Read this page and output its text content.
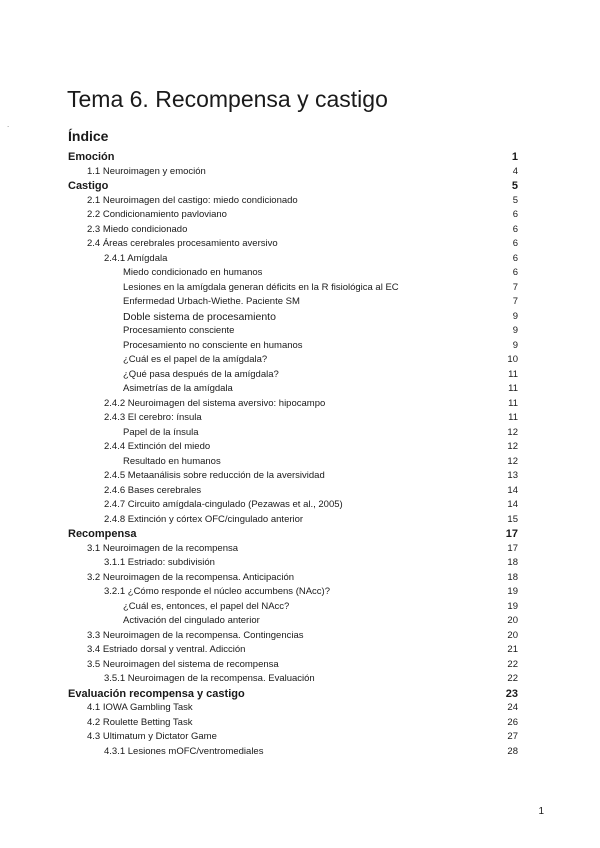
Tema 6. Recompensa y castigo
.
Índice
Emoción	1
1.1 Neuroimagen y emoción	4
Castigo	5
2.1 Neuroimagen del castigo: miedo condicionado	5
2.2 Condicionamiento pavloviano	6
2.3 Miedo condicionado	6
2.4 Áreas cerebrales procesamiento aversivo	6
2.4.1 Amígdala	6
Miedo condicionado en humanos	6
Lesiones en la amígdala generan déficits en la R fisiológica al EC	7
Enfermedad Urbach-Wiethe. Paciente SM	7
Doble sistema de procesamiento	9
Procesamiento consciente	9
Procesamiento no consciente en humanos	9
¿Cuál es el papel de la amígdala?	10
¿Qué pasa después de la amígdala?	11
Asimetrías de la amígdala	11
2.4.2 Neuroimagen del sistema aversivo: hipocampo	11
2.4.3 El cerebro: ínsula	11
Papel de la ínsula	12
2.4.4 Extinción del miedo	12
Resultado en humanos	12
2.4.5 Metaanálisis sobre reducción de la aversividad	13
2.4.6 Bases cerebrales	14
2.4.7 Circuito amígdala-cingulado (Pezawas et al., 2005)	14
2.4.8 Extinción y córtex OFC/cingulado anterior	15
Recompensa	17
3.1 Neuroimagen de la recompensa	17
3.1.1 Estriado: subdivisión	18
3.2 Neuroimagen de la recompensa. Anticipación	18
3.2.1 ¿Cómo responde el núcleo accumbens (NAcc)?	19
¿Cuál es, entonces, el papel del NAcc?	19
Activación del cingulado anterior	20
3.3 Neuroimagen de la recompensa. Contingencias	20
3.4 Estriado dorsal y ventral. Adicción	21
3.5 Neuroimagen del sistema de recompensa	22
3.5.1 Neuroimagen de la recompensa. Evaluación	22
Evaluación recompensa y castigo	23
4.1 IOWA Gambling Task	24
4.2 Roulette Betting Task	26
4.3 Ultimatum y Dictator Game	27
4.3.1 Lesiones mOFC/ventromediales	28
1
